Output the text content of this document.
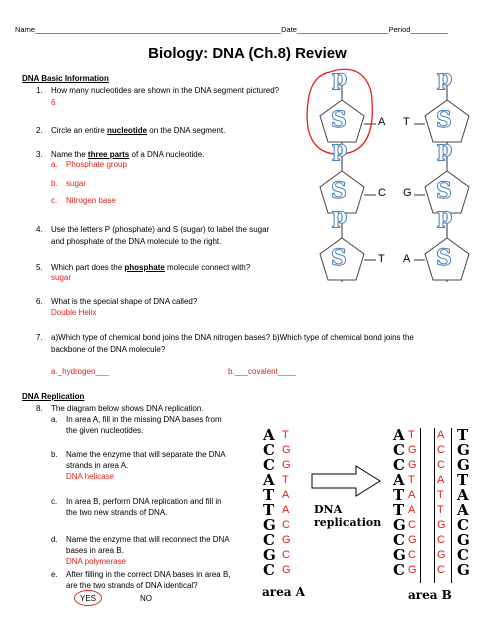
Name___________________________________________________________Date______________________Period_________
Biology: DNA (Ch.8) Review
DNA Basic Information
1. How many nucleotides are shown in the DNA segment pictured?
6
2. Circle an entire nucleotide on the DNA segment.
3. Name the three parts of a DNA nucleotide.
a. Phosphate group
b. sugar
c. Nitrogen base
4. Use the letters P (phosphate) and S (sugar) to label the sugar
and phosphate of the DNA molecule to the right.
5. Which part does the phosphate molecule connect with?
sugar
6. What is the special shape of DNA called?
Double Helix
7. a)Which type of chemical bond joins the DNA nitrogen bases? b)Which type of chemical bond joins the
backbone of the DNA molecule?
a._hydrogen___	b.___covalent____
p
S
p
S
p
S
p
S
p
S
p
S
A T
C G
T A
DNA Replication
8. The diagram below shows DNA replication.
a. In area A, fill in the missing DNA bases from
the given nucleotides.
b. Name the enzyme that will separate the DNA
strands in area A.
DNA helicase
c. In area B, perform DNA replication and fill in
the two new strands of DNA.
d. Name the enzyme that will reconnect the DNA
bases in area B.
DNA polymerase
e. After filling in the correct DNA bases in area B,
are the two strands of DNA identical?
YES	NO
A
C
C
A
T
T
G
C
G
C
T
G
G
T
A
A
C
G
C
G
area A
DNA
replication
A
C
C
A
T
T
G
C
G
C
T
G
G
T
A
A
C
G
C
G
A
C
C
A
T
T
G
C
G
C
T
G
G
T
A
A
C
G
C
G
area B
